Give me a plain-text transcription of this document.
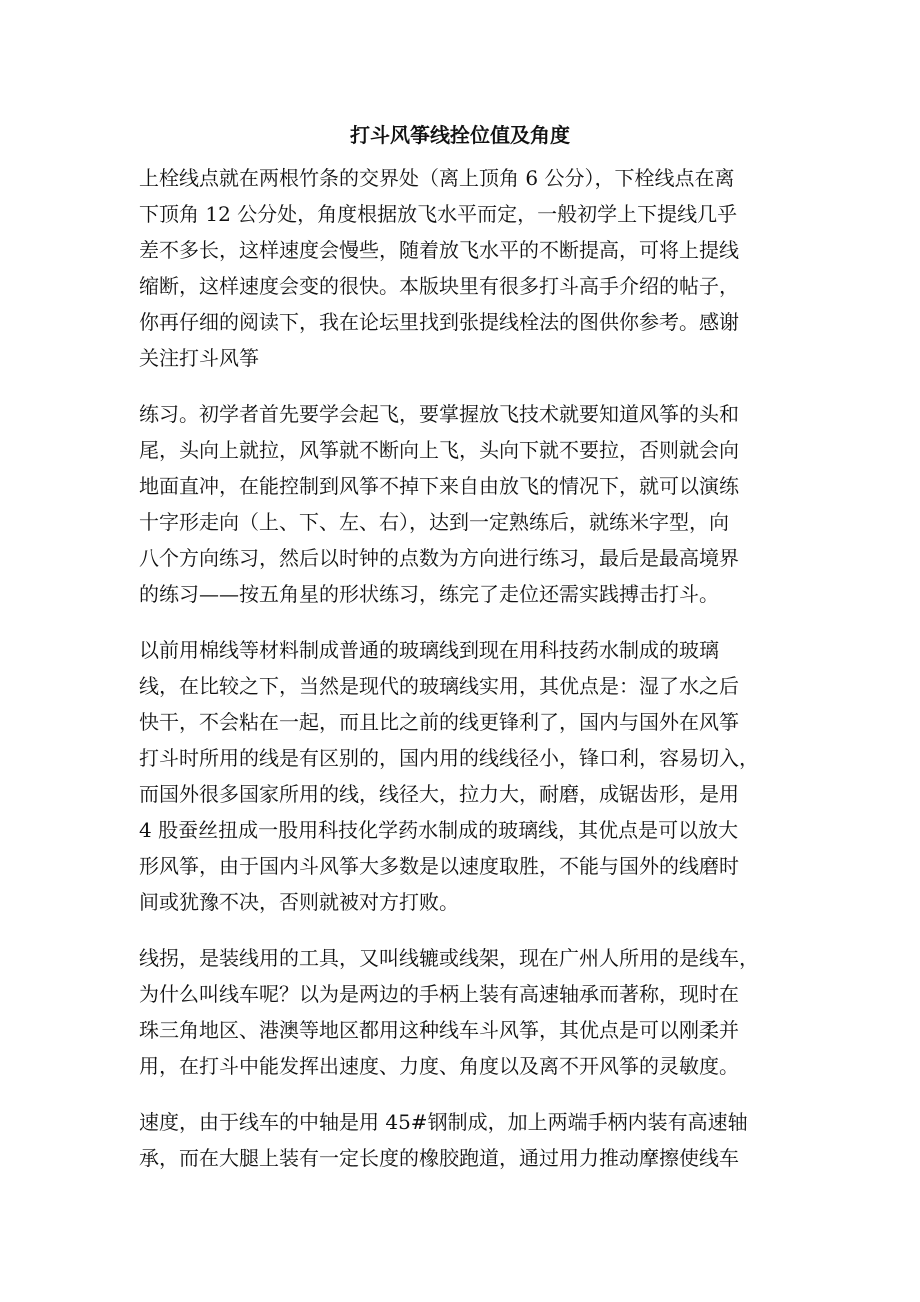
打斗风筝线拴位值及角度
上栓线点就在两根竹条的交界处（离上顶角 6 公分），下栓线点在离
下顶角 12 公分处，角度根据放飞水平而定，一般初学上下提线几乎
差不多长，这样速度会慢些，随着放飞水平的不断提高，可将上提线
缩断，这样速度会变的很快。本版块里有很多打斗高手介绍的帖子，
你再仔细的阅读下，我在论坛里找到张提线栓法的图供你参考。感谢
关注打斗风筝
练习。初学者首先要学会起飞，要掌握放飞技术就要知道风筝的头和
尾，头向上就拉，风筝就不断向上飞，头向下就不要拉，否则就会向
地面直冲，在能控制到风筝不掉下来自由放飞的情况下，就可以演练
十字形走向（上、下、左、右），达到一定熟练后，就练米字型，向
八个方向练习，然后以时钟的点数为方向进行练习，最后是最高境界
的练习——按五角星的形状练习，练完了走位还需实践搏击打斗。
以前用棉线等材料制成普通的玻璃线到现在用科技药水制成的玻璃
线，在比较之下，当然是现代的玻璃线实用，其优点是：湿了水之后
快干，不会粘在一起，而且比之前的线更锋利了，国内与国外在风筝
打斗时所用的线是有区别的，国内用的线线径小，锋口利，容易切入，
而国外很多国家所用的线，线径大，拉力大，耐磨，成锯齿形，是用
4 股蚕丝扭成一股用科技化学药水制成的玻璃线，其优点是可以放大
形风筝，由于国内斗风筝大多数是以速度取胜，不能与国外的线磨时
间或犹豫不决，否则就被对方打败。
线拐，是装线用的工具，又叫线辘或线架，现在广州人所用的是线车，
为什么叫线车呢？以为是两边的手柄上装有高速轴承而著称，现时在
珠三角地区、港澳等地区都用这种线车斗风筝，其优点是可以刚柔并
用，在打斗中能发挥出速度、力度、角度以及离不开风筝的灵敏度。
速度，由于线车的中轴是用 45#钢制成，加上两端手柄内装有高速轴
承，而在大腿上装有一定长度的橡胶跑道，通过用力推动摩擦使线车
